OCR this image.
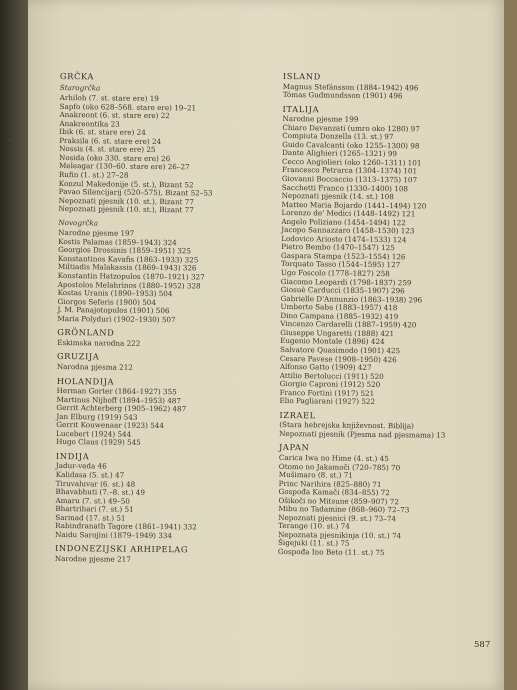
-
GRČKA
Starogrčka
Arhiloh (7. st. stare ere) 19
Sapfo (oko 628–568. stare ere) 19–21
Anakreont (6. st. stare ere) 22
Anakreontika 23
Ibik (6. st. stare ere) 24
Praksila (6. st. stare ere) 24
Nossis (4. st. stare ere) 25
Nosida (oko 330. stare ere) 26
Meleagar (130–60. stare ere) 26–27
Rufin (1. st.) 27–28
Konzul Makedonije (5. st.), Bizant 52
Pavao Silencijarij (520–575), Bizant 52–53
Nepoznati pjesnik (10. st.), Bizant 77
Nepoznati pjesnik (10. st.), Bizant 77
Novogrčka
Narodne pjesme 197
Kostis Palamas (1859–1943) 324
Georgios Drossinis (1859–1951) 325
Konstantinos Kavafis (1863–1933) 325
Miltiadis Malakassis (1869–1943) 326
Konstantin Hatzopulos (1870–1921) 327
Apostolos Melahrinos (1880–1952) 328
Kostas Uranis (1890–1953) 504
Giorgos Seferis (1900) 504
J. M. Panajotopulos (1901) 506
Maria Polyduri (1902–1930) 507
GRÖNLAND
Eskimska narodna 222
GRUZIJA
Narodna pjesma 212
HOLANDIJA
Herman Gorter (1864–1927) 355
Martinus Nijhoff (1894–1953) 487
Gerrit Achterberg (1905–1962) 487
Jan Elburg (1919) 543
Gerrit Kouwenaar (1923) 544
Lucebert (1924) 544
Hugo Claus (1929) 545
INDIJA
Jadur-veda 46
Kalidasa (5. st.) 47
Tiruvaluvar (6. st.) 48
Bhavabhuti (7.–8. st.) 49
Amaru (7. st.) 49–50
Bhartrihari (7. st.) 51
Sarmad (17. st.) 51
Rabindranath Tagore (1861–1941) 332
Naidu Sarojini (1879–1949) 334
INDONEZIJSKI ARHIPELAG
Narodne pjesme 217
ISLAND
Magnus Stefánsson (1884–1942) 496
Tómas Gudmundsson (1901) 496
ITALIJA
Narodne pjesme 199
Chiaro Davanzati (umro oko 1280) 97
Compiuta Donzella (13. st.) 97
Guido Cavalcanti (oko 1255–1300) 98
Dante Alighieri (1265–1321) 99
Cecco Angiolieri (oko 1260–1311) 101
Francesco Petrarca (1304–1374) 101
Giovanni Boccaccio (1313–1375) 107
Sacchetti Franco (1330–1400) 108
Nepoznati pjesnik (14. st.) 108
Matteo Maria Bojardo (1441–1494) 120
Lorenzo de' Medici (1448–1492) 121
Angelo Poliziano (1454–1494) 122
Jacopo Sannazzaro (1458–1530) 123
Lodovico Ariosto (1474–1533) 124
Pietro Bembo (1470–1547) 125
Gaspara Stampa (1523–1554) 126
Torquato Tasso (1544–1595) 127
Ugo Foscolo (1778–1827) 258
Giacomo Leopardi (1798–1837) 259
Giosuè Carducci (1835–1907) 296
Gabrielle D'Annunzio (1863–1938) 296
Umberto Saba (1883–1957) 418
Dino Campana (1885–1932) 419
Vincenzo Cardarelli (1887–1959) 420
Giuseppe Ungaretti (1888) 421
Eugenio Montale (1896) 424
Salvatore Quasimodo (1901) 425
Cesare Pavese (1908–1950) 426
Alfonso Gatto (1909) 427
Attilio Bertolucci (1911) 520
Giorgio Caproni (1912) 520
Franco Fortini (1917) 521
Elio Pagliarani (1927) 522
IZRAEL
(Stara hebrejska književnost. Biblija)
Nepoznati pjesnik (Pjesma nad pjesmama) 13
JAPAN
Carica Iwa no Hime (4. st.) 45
Otomo no Jakamoči (720–785) 70
Mušimaro (8. st.) 71
Princ Narihira (825–880) 71
Gospođa Kamači (834–855) 72
Ošikoči no Mitsune (859–907) 72
Mibu no Tadamine (868–960) 72–73
Nepoznati pjesnici (9. st.) 73–74
Terange (10. st.) 74
Nepoznata pjesnikinja (10. st.) 74
Šigejuki (11. st.) 75
Gospođa Ino Beto (11. st.) 75
587
